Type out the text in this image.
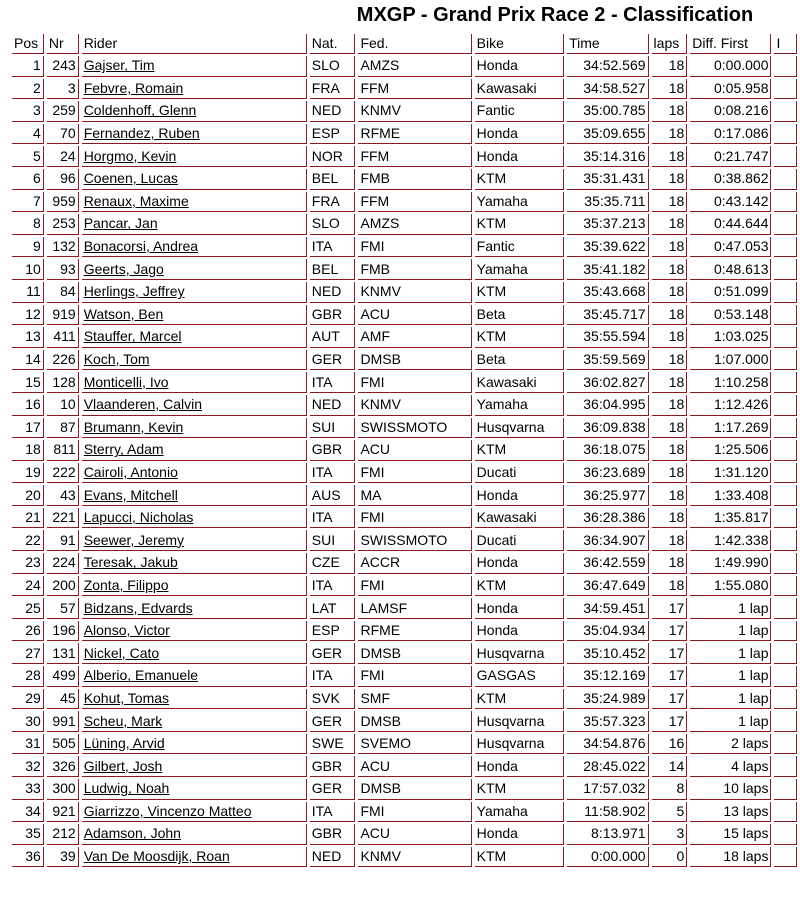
MXGP - Grand Prix Race 2 - Classification
Pos	Nr	Rider	Nat.	Fed.	Bike	Time	laps	Diff. First	I
1	243	Gajser, Tim	SLO	AMZS	Honda	34:52.569	18	0:00.000	
2	3	Febvre, Romain	FRA	FFM	Kawasaki	34:58.527	18	0:05.958	
3	259	Coldenhoff, Glenn	NED	KNMV	Fantic	35:00.785	18	0:08.216	
4	70	Fernandez, Ruben	ESP	RFME	Honda	35:09.655	18	0:17.086	
5	24	Horgmo, Kevin	NOR	FFM	Honda	35:14.316	18	0:21.747	
6	96	Coenen, Lucas	BEL	FMB	KTM	35:31.431	18	0:38.862	
7	959	Renaux, Maxime	FRA	FFM	Yamaha	35:35.711	18	0:43.142	
8	253	Pancar, Jan	SLO	AMZS	KTM	35:37.213	18	0:44.644	
9	132	Bonacorsi, Andrea	ITA	FMI	Fantic	35:39.622	18	0:47.053	
10	93	Geerts, Jago	BEL	FMB	Yamaha	35:41.182	18	0:48.613	
11	84	Herlings, Jeffrey	NED	KNMV	KTM	35:43.668	18	0:51.099	
12	919	Watson, Ben	GBR	ACU	Beta	35:45.717	18	0:53.148	
13	411	Stauffer, Marcel	AUT	AMF	KTM	35:55.594	18	1:03.025	
14	226	Koch, Tom	GER	DMSB	Beta	35:59.569	18	1:07.000	
15	128	Monticelli, Ivo	ITA	FMI	Kawasaki	36:02.827	18	1:10.258	
16	10	Vlaanderen, Calvin	NED	KNMV	Yamaha	36:04.995	18	1:12.426	
17	87	Brumann, Kevin	SUI	SWISSMOTO	Husqvarna	36:09.838	18	1:17.269	
18	811	Sterry, Adam	GBR	ACU	KTM	36:18.075	18	1:25.506	
19	222	Cairoli, Antonio	ITA	FMI	Ducati	36:23.689	18	1:31.120	
20	43	Evans, Mitchell	AUS	MA	Honda	36:25.977	18	1:33.408	
21	221	Lapucci, Nicholas	ITA	FMI	Kawasaki	36:28.386	18	1:35.817	
22	91	Seewer, Jeremy	SUI	SWISSMOTO	Ducati	36:34.907	18	1:42.338	
23	224	Teresak, Jakub	CZE	ACCR	Honda	36:42.559	18	1:49.990	
24	200	Zonta, Filippo	ITA	FMI	KTM	36:47.649	18	1:55.080	
25	57	Bidzans, Edvards	LAT	LAMSF	Honda	34:59.451	17	1 lap	
26	196	Alonso, Victor	ESP	RFME	Honda	35:04.934	17	1 lap	
27	131	Nickel, Cato	GER	DMSB	Husqvarna	35:10.452	17	1 lap	
28	499	Alberio, Emanuele	ITA	FMI	GASGAS	35:12.169	17	1 lap	
29	45	Kohut, Tomas	SVK	SMF	KTM	35:24.989	17	1 lap	
30	991	Scheu, Mark	GER	DMSB	Husqvarna	35:57.323	17	1 lap	
31	505	Lüning, Arvid	SWE	SVEMO	Husqvarna	34:54.876	16	2 laps	
32	326	Gilbert, Josh	GBR	ACU	Honda	28:45.022	14	4 laps	
33	300	Ludwig, Noah	GER	DMSB	KTM	17:57.032	8	10 laps	
34	921	Giarrizzo, Vincenzo Matteo	ITA	FMI	Yamaha	11:58.902	5	13 laps	
35	212	Adamson, John	GBR	ACU	Honda	8:13.971	3	15 laps	
36	39	Van De Moosdijk, Roan	NED	KNMV	KTM	0:00.000	0	18 laps	
